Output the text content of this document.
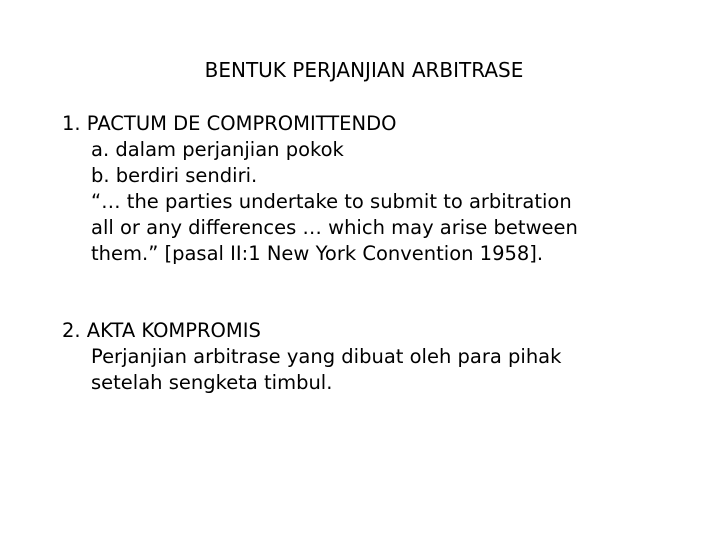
BENTUK PERJANJIAN ARBITRASE
1. PACTUM DE COMPROMITTENDO
a. dalam perjanjian pokok
b. berdiri sendiri.
“… the parties undertake to submit to arbitration
all or any differences … which may arise between
them.” [pasal II:1 New York Convention 1958].
2. AKTA KOMPROMIS
Perjanjian arbitrase yang dibuat oleh para pihak
setelah sengketa timbul.
